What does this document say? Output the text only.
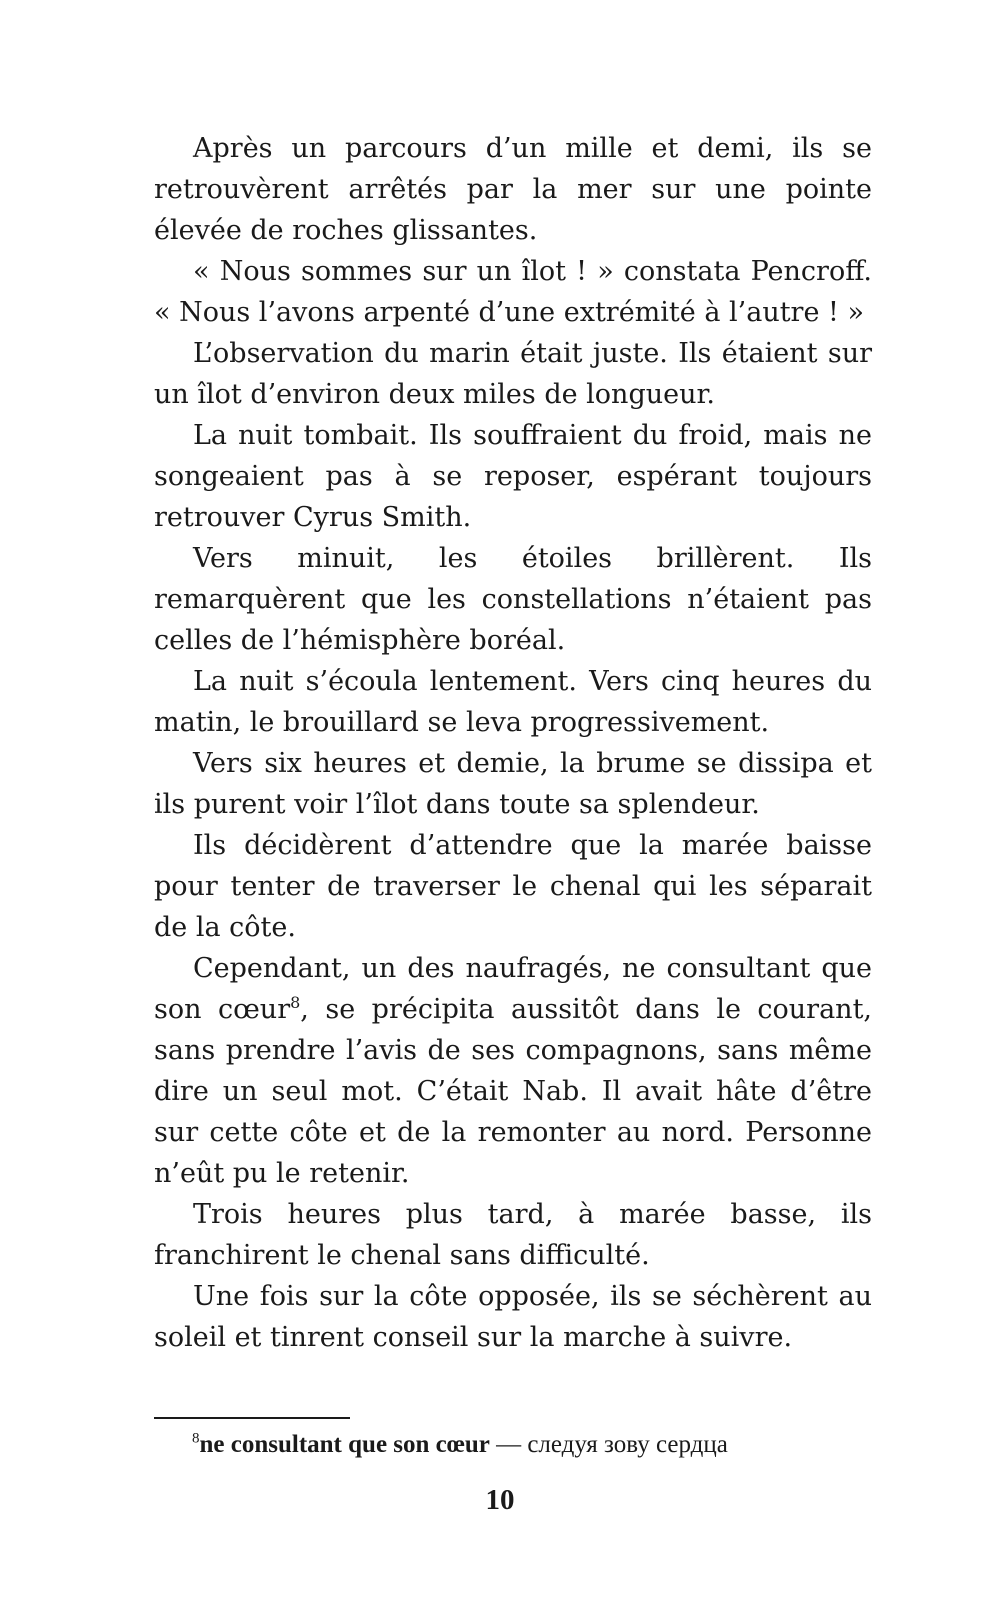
Après un parcours d’un mille et demi, ils se retrouvèrent arrêtés par la mer sur une pointe élevée de roches glissantes.

« Nous sommes sur un îlot ! » constata Pencroff. « Nous l’avons arpenté d’une extrémité à l’autre ! »

L’observation du marin était juste. Ils étaient sur un îlot d’environ deux miles de longueur.

La nuit tombait. Ils souffraient du froid, mais ne songeaient pas à se reposer, espérant toujours retrouver Cyrus Smith.

Vers minuit, les étoiles brillèrent. Ils remarquèrent que les constellations n’étaient pas celles de l’hémisphère boréal.

La nuit s’écoula lentement. Vers cinq heures du matin, le brouillard se leva progressivement.

Vers six heures et demie, la brume se dissipa et ils purent voir l’îlot dans toute sa splendeur.

Ils décidèrent d’attendre que la marée baisse pour tenter de traverser le chenal qui les séparait de la côte.

Cependant, un des naufragés, ne consultant que son cœur$^8$, se précipita aussitôt dans le courant, sans prendre l’avis de ses compagnons, sans même dire un seul mot. C’était Nab. Il avait hâte d’être sur cette côte et de la remonter au nord. Personne n’eût pu le retenir.

Trois heures plus tard, à marée basse, ils franchirent le chenal sans difficulté.

Une fois sur la côte opposée, ils se séchèrent au soleil et tinrent conseil sur la marche à suivre.

$^8$ne consultant que son cœur — следуя зову сердца

10
